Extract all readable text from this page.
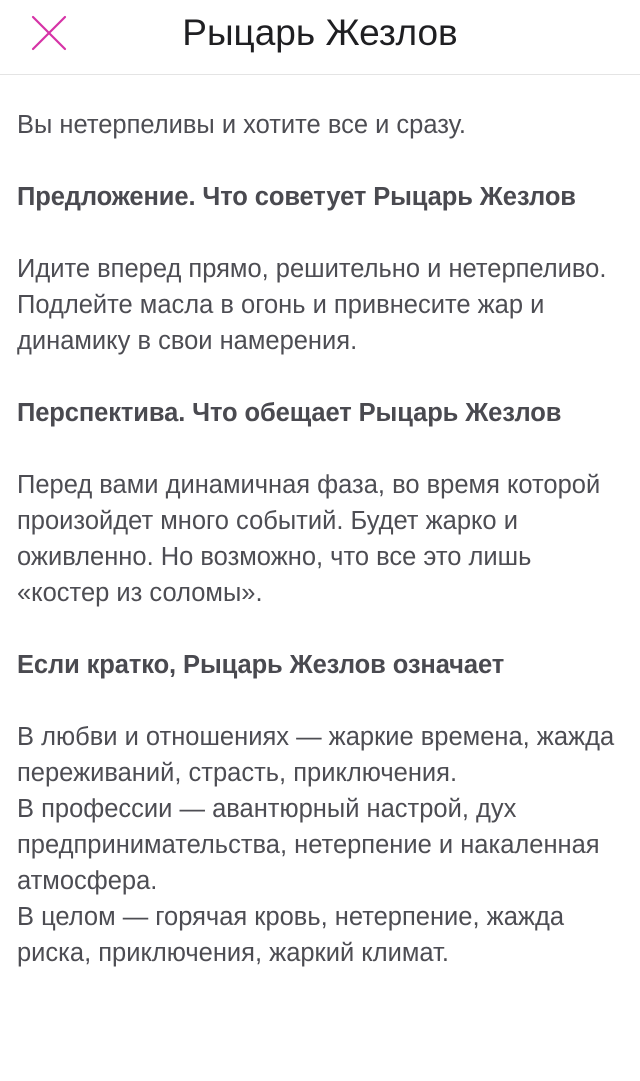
Рыцарь Жезлов

Вы нетерпеливы и хотите все и сразу.

Предложение. Что советует Рыцарь Жезлов

Идите вперед прямо, решительно и нетерпеливо. Подлейте масла в огонь и привнесите жар и динамику в свои намерения.

Перспектива. Что обещает Рыцарь Жезлов

Перед вами динамичная фаза, во время которой произойдет много событий. Будет жарко и оживленно. Но возможно, что все это лишь «костер из соломы».

Если кратко, Рыцарь Жезлов означает

В любви и отношениях — жаркие времена, жажда переживаний, страсть, приключения.

В профессии — авантюрный настрой, дух предпринимательства, нетерпение и накаленная атмосфера.

В целом — горячая кровь, нетерпение, жажда риска, приключения, жаркий климат.
